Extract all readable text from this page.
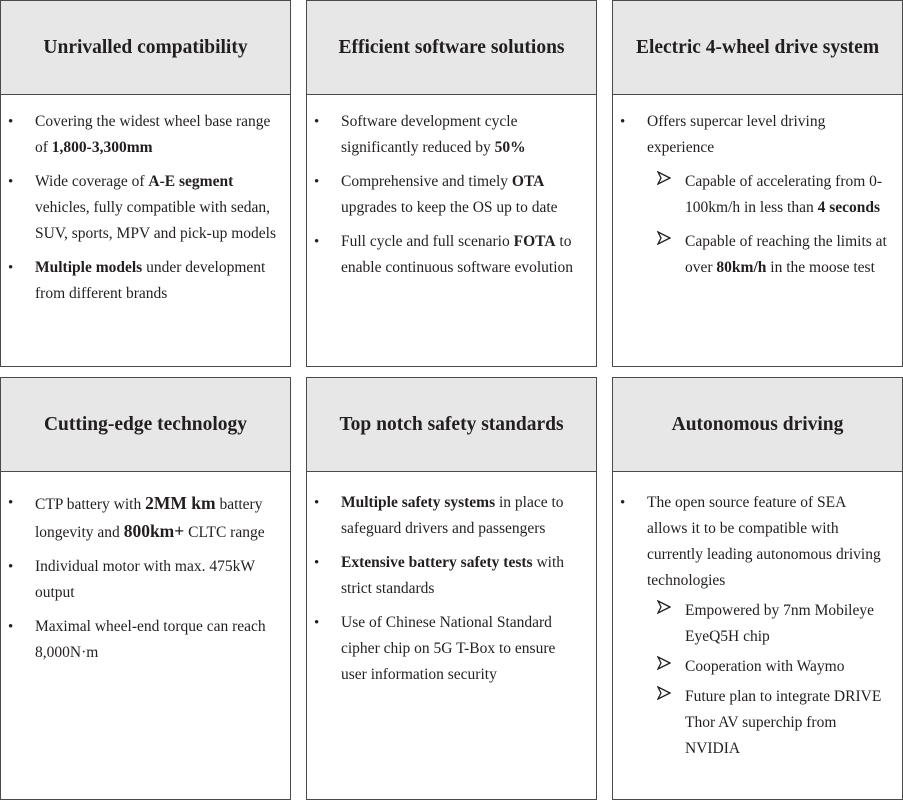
Unrivalled compatibility
• Covering the widest wheel base range of 1,800-3,300mm
• Wide coverage of A-E segment vehicles, fully compatible with sedan, SUV, sports, MPV and pick-up models
• Multiple models under development from different brands
Efficient software solutions
• Software development cycle significantly reduced by 50%
• Comprehensive and timely OTA upgrades to keep the OS up to date
• Full cycle and full scenario FOTA to enable continuous software evolution
Electric 4-wheel drive system
• Offers supercar level driving experience
Capable of accelerating from 0-100km/h in less than 4 seconds
Capable of reaching the limits at over 80km/h in the moose test
Cutting-edge technology
• CTP battery with 2MM km battery longevity and 800km+ CLTC range
• Individual motor with max. 475kW output
• Maximal wheel-end torque can reach 8,000N·m
Top notch safety standards
• Multiple safety systems in place to safeguard drivers and passengers
• Extensive battery safety tests with strict standards
• Use of Chinese National Standard cipher chip on 5G T-Box to ensure user information security
Autonomous driving
• The open source feature of SEA allows it to be compatible with currently leading autonomous driving technologies
Empowered by 7nm Mobileye EyeQ5H chip
Cooperation with Waymo
Future plan to integrate DRIVE Thor AV superchip from NVIDIA
